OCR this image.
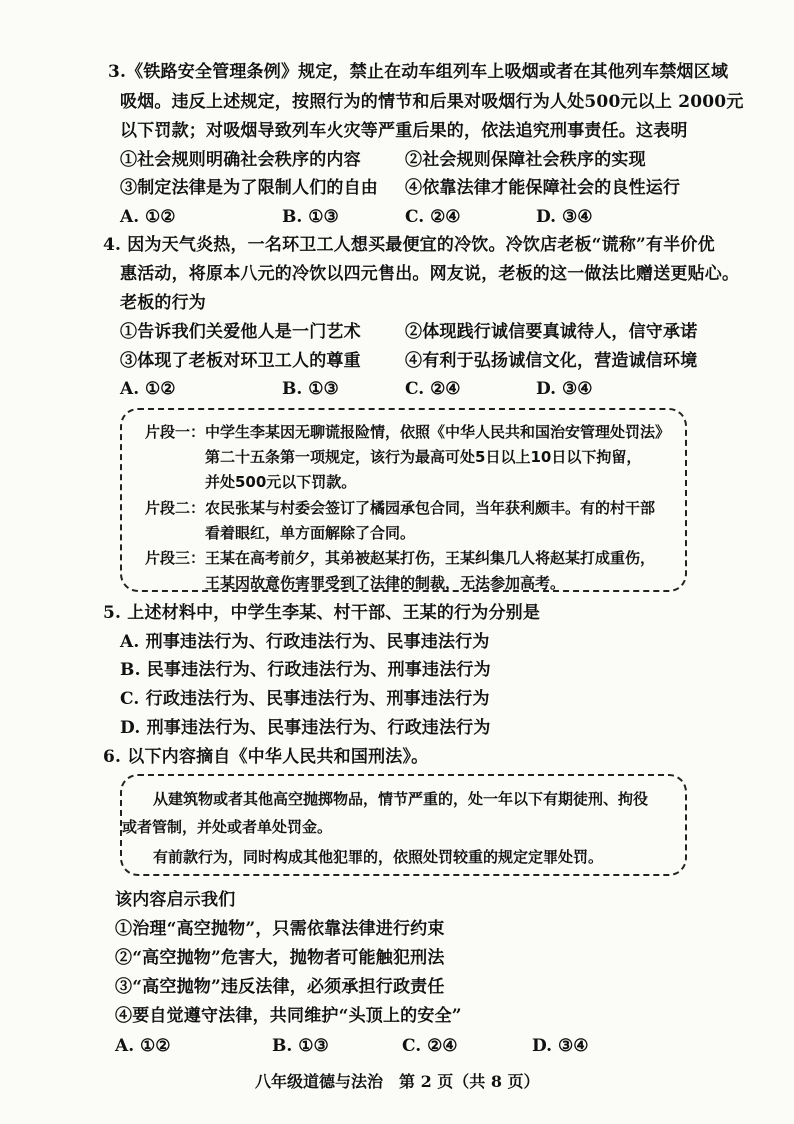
3.《铁路安全管理条例》规定，禁止在动车组列车上吸烟或者在其他列车禁烟区域
吸烟。违反上述规定，按照行为的情节和后果对吸烟行为人处500元以上 2000元
以下罚款；对吸烟导致列车火灾等严重后果的，依法追究刑事责任。这表明
①社会规则明确社会秩序的内容	②社会规则保障社会秩序的实现
③制定法律是为了限制人们的自由 ④依靠法律才能保障社会的良性运行
A. ①②	B. ①③	C. ②④	D. ③④
4. 因为天气炎热，一名环卫工人想买最便宜的冷饮。冷饮店老板“谎称”有半价优
惠活动，将原本八元的冷饮以四元售出。网友说，老板的这一做法比赠送更贴心。
老板的行为
①告诉我们关爱他人是一门艺术	②体现践行诚信要真诚待人，信守承诺
③体现了老板对环卫工人的尊重	④有利于弘扬诚信文化，营造诚信环境
A. ①②	B. ①③	C. ②④	D. ③④
片段一：中学生李某因无聊谎报险情，依照《中华人民共和国治安管理处罚法》
第二十五条第一项规定，该行为最高可处5日以上10日以下拘留，
并处500元以下罚款。
片段二：农民张某与村委会签订了橘园承包合同，当年获利颇丰。有的村干部
看着眼红，单方面解除了合同。
片段三：王某在高考前夕，其弟被赵某打伤，王某纠集几人将赵某打成重伤，
王某因故意伤害罪受到了法律的制裁，无法参加高考。
5. 上述材料中，中学生李某、村干部、王某的行为分别是
A. 刑事违法行为、行政违法行为、民事违法行为
B. 民事违法行为、行政违法行为、刑事违法行为
C. 行政违法行为、民事违法行为、刑事违法行为
D. 刑事违法行为、民事违法行为、行政违法行为
6. 以下内容摘自《中华人民共和国刑法》。
从建筑物或者其他高空抛掷物品，情节严重的，处一年以下有期徒刑、拘役
或者管制，并处或者单处罚金。
有前款行为，同时构成其他犯罪的，依照处罚较重的规定定罪处罚。
该内容启示我们
①治理“高空抛物”，只需依靠法律进行约束
②“高空抛物”危害大，抛物者可能触犯刑法
③“高空抛物”违反法律，必须承担行政责任
④要自觉遵守法律，共同维护“头顶上的安全”
A. ①②	B. ①③	C. ②④	D. ③④
八年级道德与法治　第 2 页（共 8 页）
